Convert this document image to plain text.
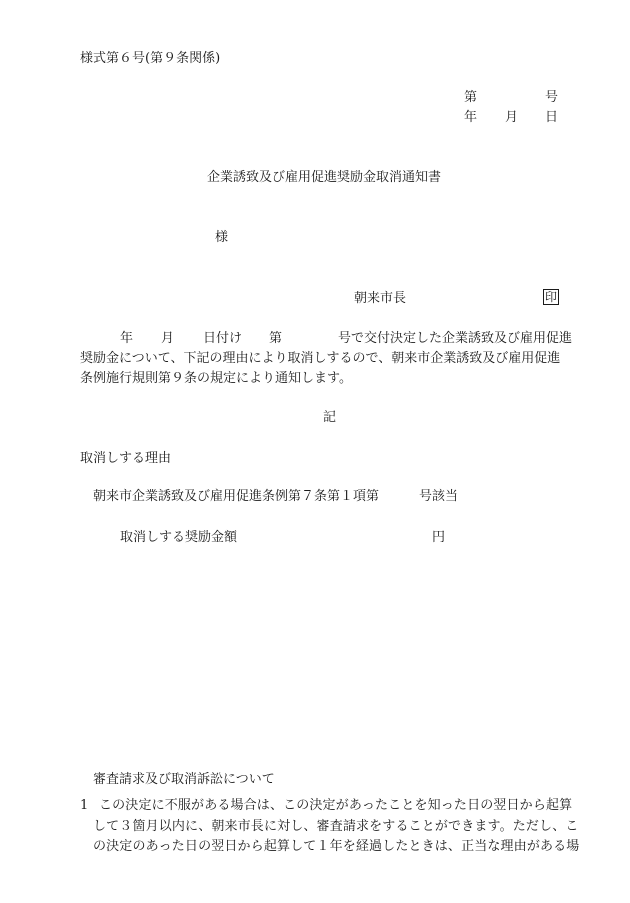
様式第６号(第９条関係)
第	号
年 月 日
企業誘致及び雇用促進奨励金取消通知書
様
朝来市長	印
年 月 日付け 第	号で交付決定した企業誘致及び雇用促進
奨励金について、下記の理由により取消しするので、朝来市企業誘致及び雇用促進
条例施行規則第９条の規定により通知します。
記
取消しする理由
朝来市企業誘致及び雇用促進条例第７条第１項第	号該当
取消しする奨励金額	円
審査請求及び取消訴訟について
1 この決定に不服がある場合は、この決定があったことを知った日の翌日から起算
して３箇月以内に、朝来市長に対し、審査請求をすることができます。ただし、こ
の決定のあった日の翌日から起算して１年を経過したときは、正当な理由がある場
